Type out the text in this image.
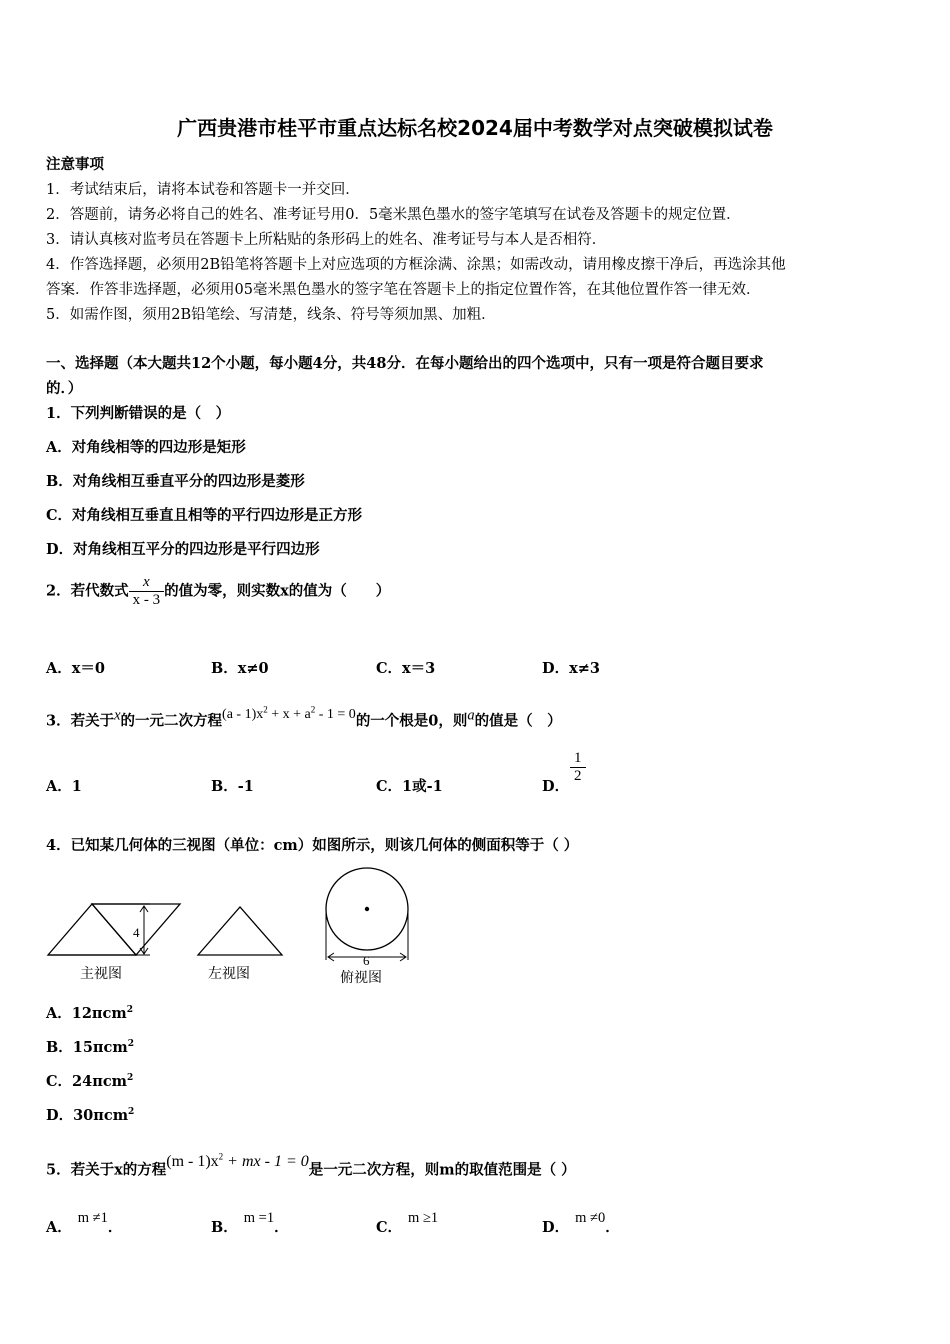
广西贵港市桂平市重点达标名校2024届中考数学对点突破模拟试卷
注意事项
1．考试结束后，请将本试卷和答题卡一并交回．
2．答题前，请务必将自己的姓名、准考证号用0．5毫米黑色墨水的签字笔填写在试卷及答题卡的规定位置．
3．请认真核对监考员在答题卡上所粘贴的条形码上的姓名、准考证号与本人是否相符．
4．作答选择题，必须用2B铅笔将答题卡上对应选项的方框涂满、涂黑；如需改动，请用橡皮擦干净后，再选涂其他
答案．作答非选择题，必须用05毫米黑色墨水的签字笔在答题卡上的指定位置作答，在其他位置作答一律无效．
5．如需作图，须用2B铅笔绘、写清楚，线条、符号等须加黑、加粗．
一、选择题（本大题共12个小题，每小题4分，共48分．在每小题给出的四个选项中，只有一项是符合题目要求
的．）
1．下列判断错误的是（　）
A．对角线相等的四边形是矩形
B．对角线相互垂直平分的四边形是菱形
C．对角线相互垂直且相等的平行四边形是正方形
D．对角线相互平分的四边形是平行四边形
2．若代数式 $\frac{x}{x - 3}$ 的值为零，则实数x的值为（　　）
A．x＝0	B．x≠0	C．x＝3	D．x≠3
3．若关于x的一元二次方程$(a - 1)x^2 + x + a^2 - 1 = 0$的一个根是0，则a的值是（　）
A．1	B．-1	C．1或-1	D．
$\frac{1}{2}$
4．已知某几何体的三视图（单位：cm）如图所示，则该几何体的侧面积等于（ ）
4
主视图	左视图
6
俯视图
A．12πcm$^2$
B．15πcm$^2$
C．24πcm$^2$
D．30πcm$^2$
5．若关于x的方程$(m - 1)x^2$ + mx - 1 = 0是一元二次方程，则m的取值范围是（ ）
A．m ≠1．	B．m =1．	C．m ≥1
D．m ≠0．
